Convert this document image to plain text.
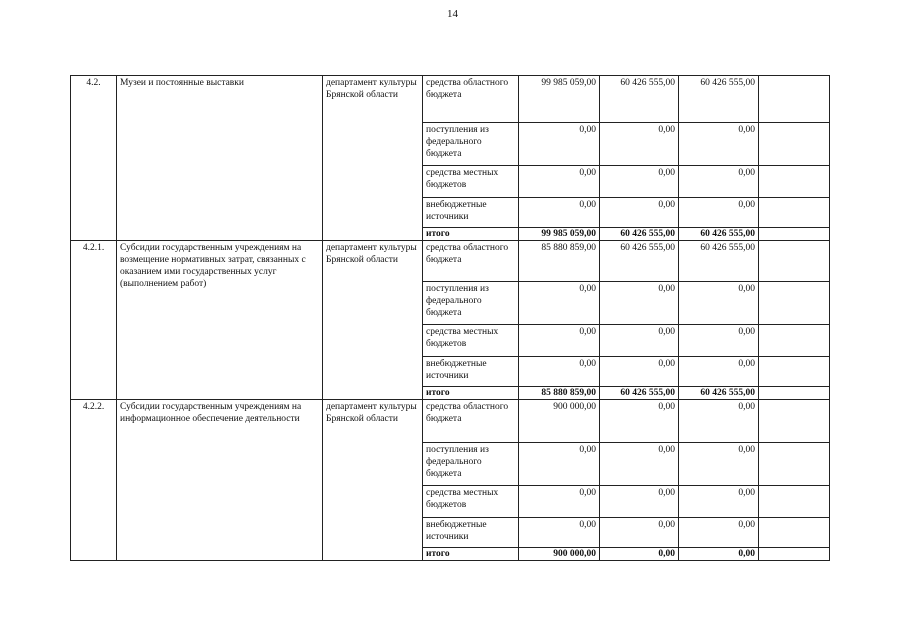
14
4.2.	Музеи и постоянные выставки	департамент культуры Брянской области	средства областного бюджета	99 985 059,00	60 426 555,00	60 426 555,00	
			поступления из федерального бюджета	0,00	0,00	0,00	
			средства местных бюджетов	0,00	0,00	0,00	
			внебюджетные источники	0,00	0,00	0,00	
			итого	99 985 059,00	60 426 555,00	60 426 555,00	
4.2.1.	Субсидии государственным учреждениям на возмещение нормативных затрат, связанных с оказанием ими государственных услуг (выполнением работ)	департамент культуры Брянской области	средства областного бюджета	85 880 859,00	60 426 555,00	60 426 555,00	
			поступления из федерального бюджета	0,00	0,00	0,00	
			средства местных бюджетов	0,00	0,00	0,00	
			внебюджетные источники	0,00	0,00	0,00	
			итого	85 880 859,00	60 426 555,00	60 426 555,00	
4.2.2.	Субсидии государственным учреждениям на информационное обеспечение деятельности	департамент культуры Брянской области	средства областного бюджета	900 000,00	0,00	0,00	
			поступления из федерального бюджета	0,00	0,00	0,00	
			средства местных бюджетов	0,00	0,00	0,00	
			внебюджетные источники	0,00	0,00	0,00	
			итого	900 000,00	0,00	0,00	
